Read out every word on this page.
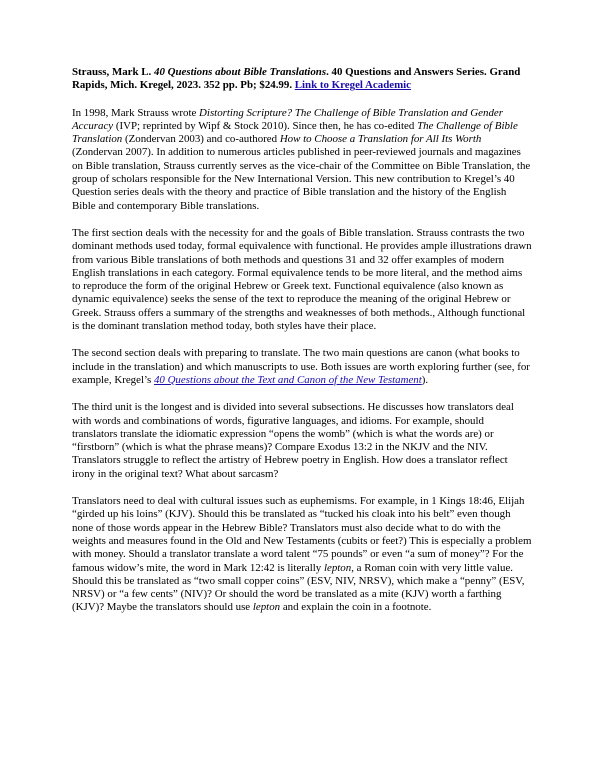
Strauss, Mark L. 40 Questions about Bible Translations. 40 Questions and Answers Series. Grand Rapids, Mich. Kregel, 2023. 352 pp. Pb; $24.99. Link to Kregel Academic

In 1998, Mark Strauss wrote Distorting Scripture? The Challenge of Bible Translation and Gender Accuracy (IVP; reprinted by Wipf & Stock 2010). Since then, he has co-edited The Challenge of Bible Translation (Zondervan 2003) and co-authored How to Choose a Translation for All Its Worth (Zondervan 2007). In addition to numerous articles published in peer-reviewed journals and magazines on Bible translation, Strauss currently serves as the vice-chair of the Committee on Bible Translation, the group of scholars responsible for the New International Version. This new contribution to Kregel’s 40 Question series deals with the theory and practice of Bible translation and the history of the English Bible and contemporary Bible translations.

The first section deals with the necessity for and the goals of Bible translation. Strauss contrasts the two dominant methods used today, formal equivalence with functional. He provides ample illustrations drawn from various Bible translations of both methods and questions 31 and 32 offer examples of modern English translations in each category. Formal equivalence tends to be more literal, and the method aims to reproduce the form of the original Hebrew or Greek text. Functional equivalence (also known as dynamic equivalence) seeks the sense of the text to reproduce the meaning of the original Hebrew or Greek. Strauss offers a summary of the strengths and weaknesses of both methods., Although functional is the dominant translation method today, both styles have their place.

The second section deals with preparing to translate. The two main questions are canon (what books to include in the translation) and which manuscripts to use. Both issues are worth exploring further (see, for example, Kregel’s 40 Questions about the Text and Canon of the New Testament).

The third unit is the longest and is divided into several subsections. He discusses how translators deal with words and combinations of words, figurative languages, and idioms. For example, should translators translate the idiomatic expression “opens the womb” (which is what the words are) or “firstborn” (which is what the phrase means)? Compare Exodus 13:2 in the NKJV and the NIV. Translators struggle to reflect the artistry of Hebrew poetry in English. How does a translator reflect irony in the original text? What about sarcasm?

Translators need to deal with cultural issues such as euphemisms. For example, in 1 Kings 18:46, Elijah “girded up his loins” (KJV). Should this be translated as “tucked his cloak into his belt” even though none of those words appear in the Hebrew Bible? Translators must also decide what to do with the weights and measures found in the Old and New Testaments (cubits or feet?) This is especially a problem with money. Should a translator translate a word talent “75 pounds” or even “a sum of money”? For the famous widow’s mite, the word in Mark 12:42 is literally lepton, a Roman coin with very little value. Should this be translated as “two small copper coins” (ESV, NIV, NRSV), which make a “penny” (ESV, NRSV) or “a few cents” (NIV)? Or should the word be translated as a mite (KJV) worth a farthing (KJV)? Maybe the translators should use lepton and explain the coin in a footnote.
